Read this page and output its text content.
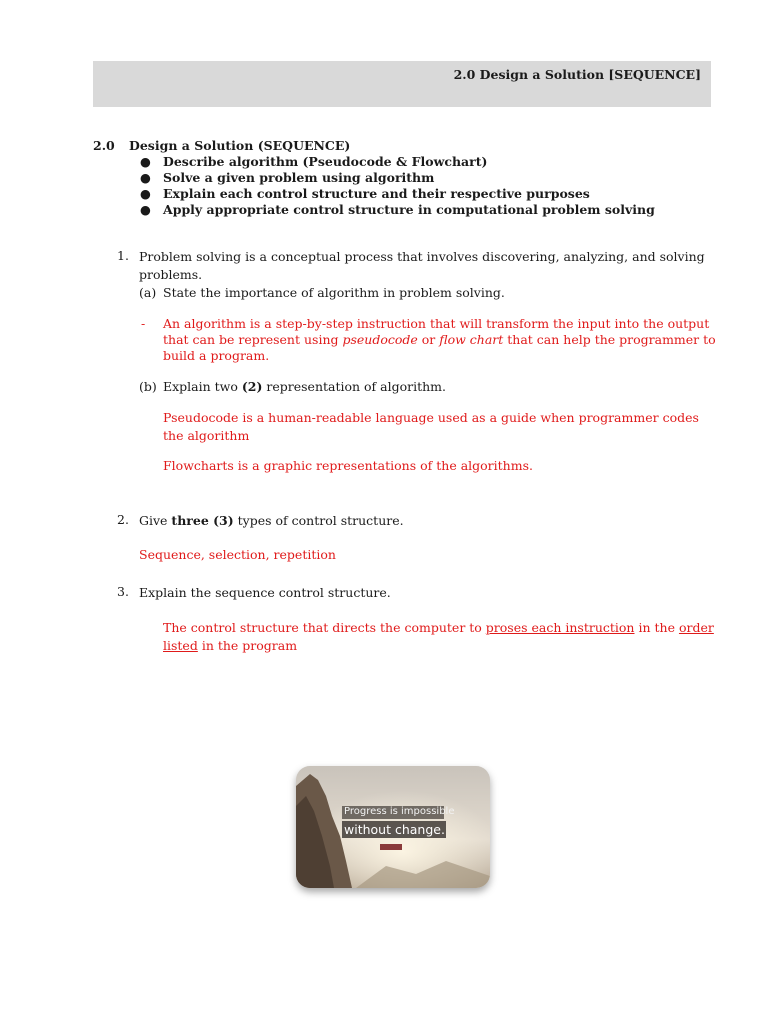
2.0 Design a Solution [SEQUENCE]
2.0 Design a Solution (SEQUENCE)
● Describe algorithm (Pseudocode & Flowchart)
● Solve a given problem using algorithm
● Explain each control structure and their respective purposes
● Apply appropriate control structure in computational problem solving
1. Problem solving is a conceptual process that involves discovering, analyzing, and solving
problems.
(a) State the importance of algorithm in problem solving.
- An algorithm is a step-by-step instruction that will transform the input into the output
that can be represent using pseudocode or flow chart that can help the programmer to
build a program.
(b) Explain two (2) representation of algorithm.
Pseudocode is a human-readable language used as a guide when programmer codes
the algorithm
Flowcharts is a graphic representations of the algorithms.
2. Give three (3) types of control structure.
Sequence, selection, repetition
3. Explain the sequence control structure.
The control structure that directs the computer to proses each instruction in the order
listed in the program
Progress is impossible
without change.
